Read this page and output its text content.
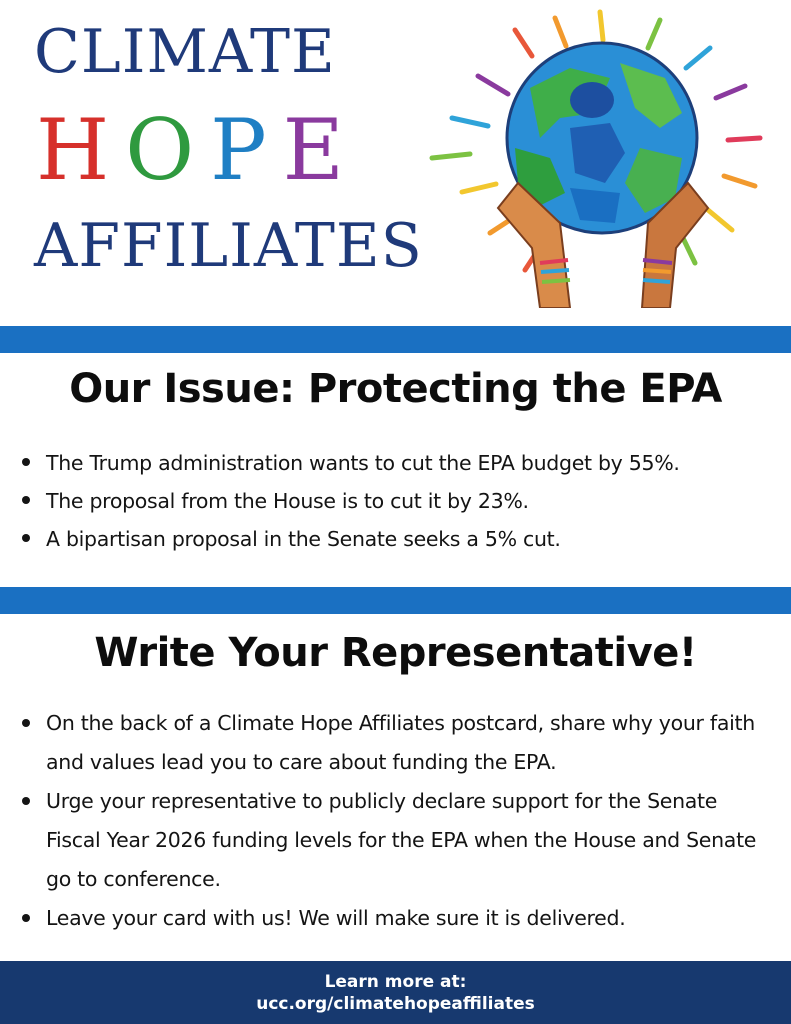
CLIMATE
HOPE
AFFILIATES
Our Issue: Protecting the EPA
The Trump administration wants to cut the EPA budget by 55%.
The proposal from the House is to cut it by 23%.
A bipartisan proposal in the Senate seeks a 5% cut.
Write Your Representative!
On the back of a Climate Hope Affiliates postcard, share why your faith and values lead you to care about funding the EPA.
Urge your representative to publicly declare support for the Senate Fiscal Year 2026 funding levels for the EPA when the House and Senate go to conference.
Leave your card with us! We will make sure it is delivered.
Learn more at:
ucc.org/climatehopeaffiliates
